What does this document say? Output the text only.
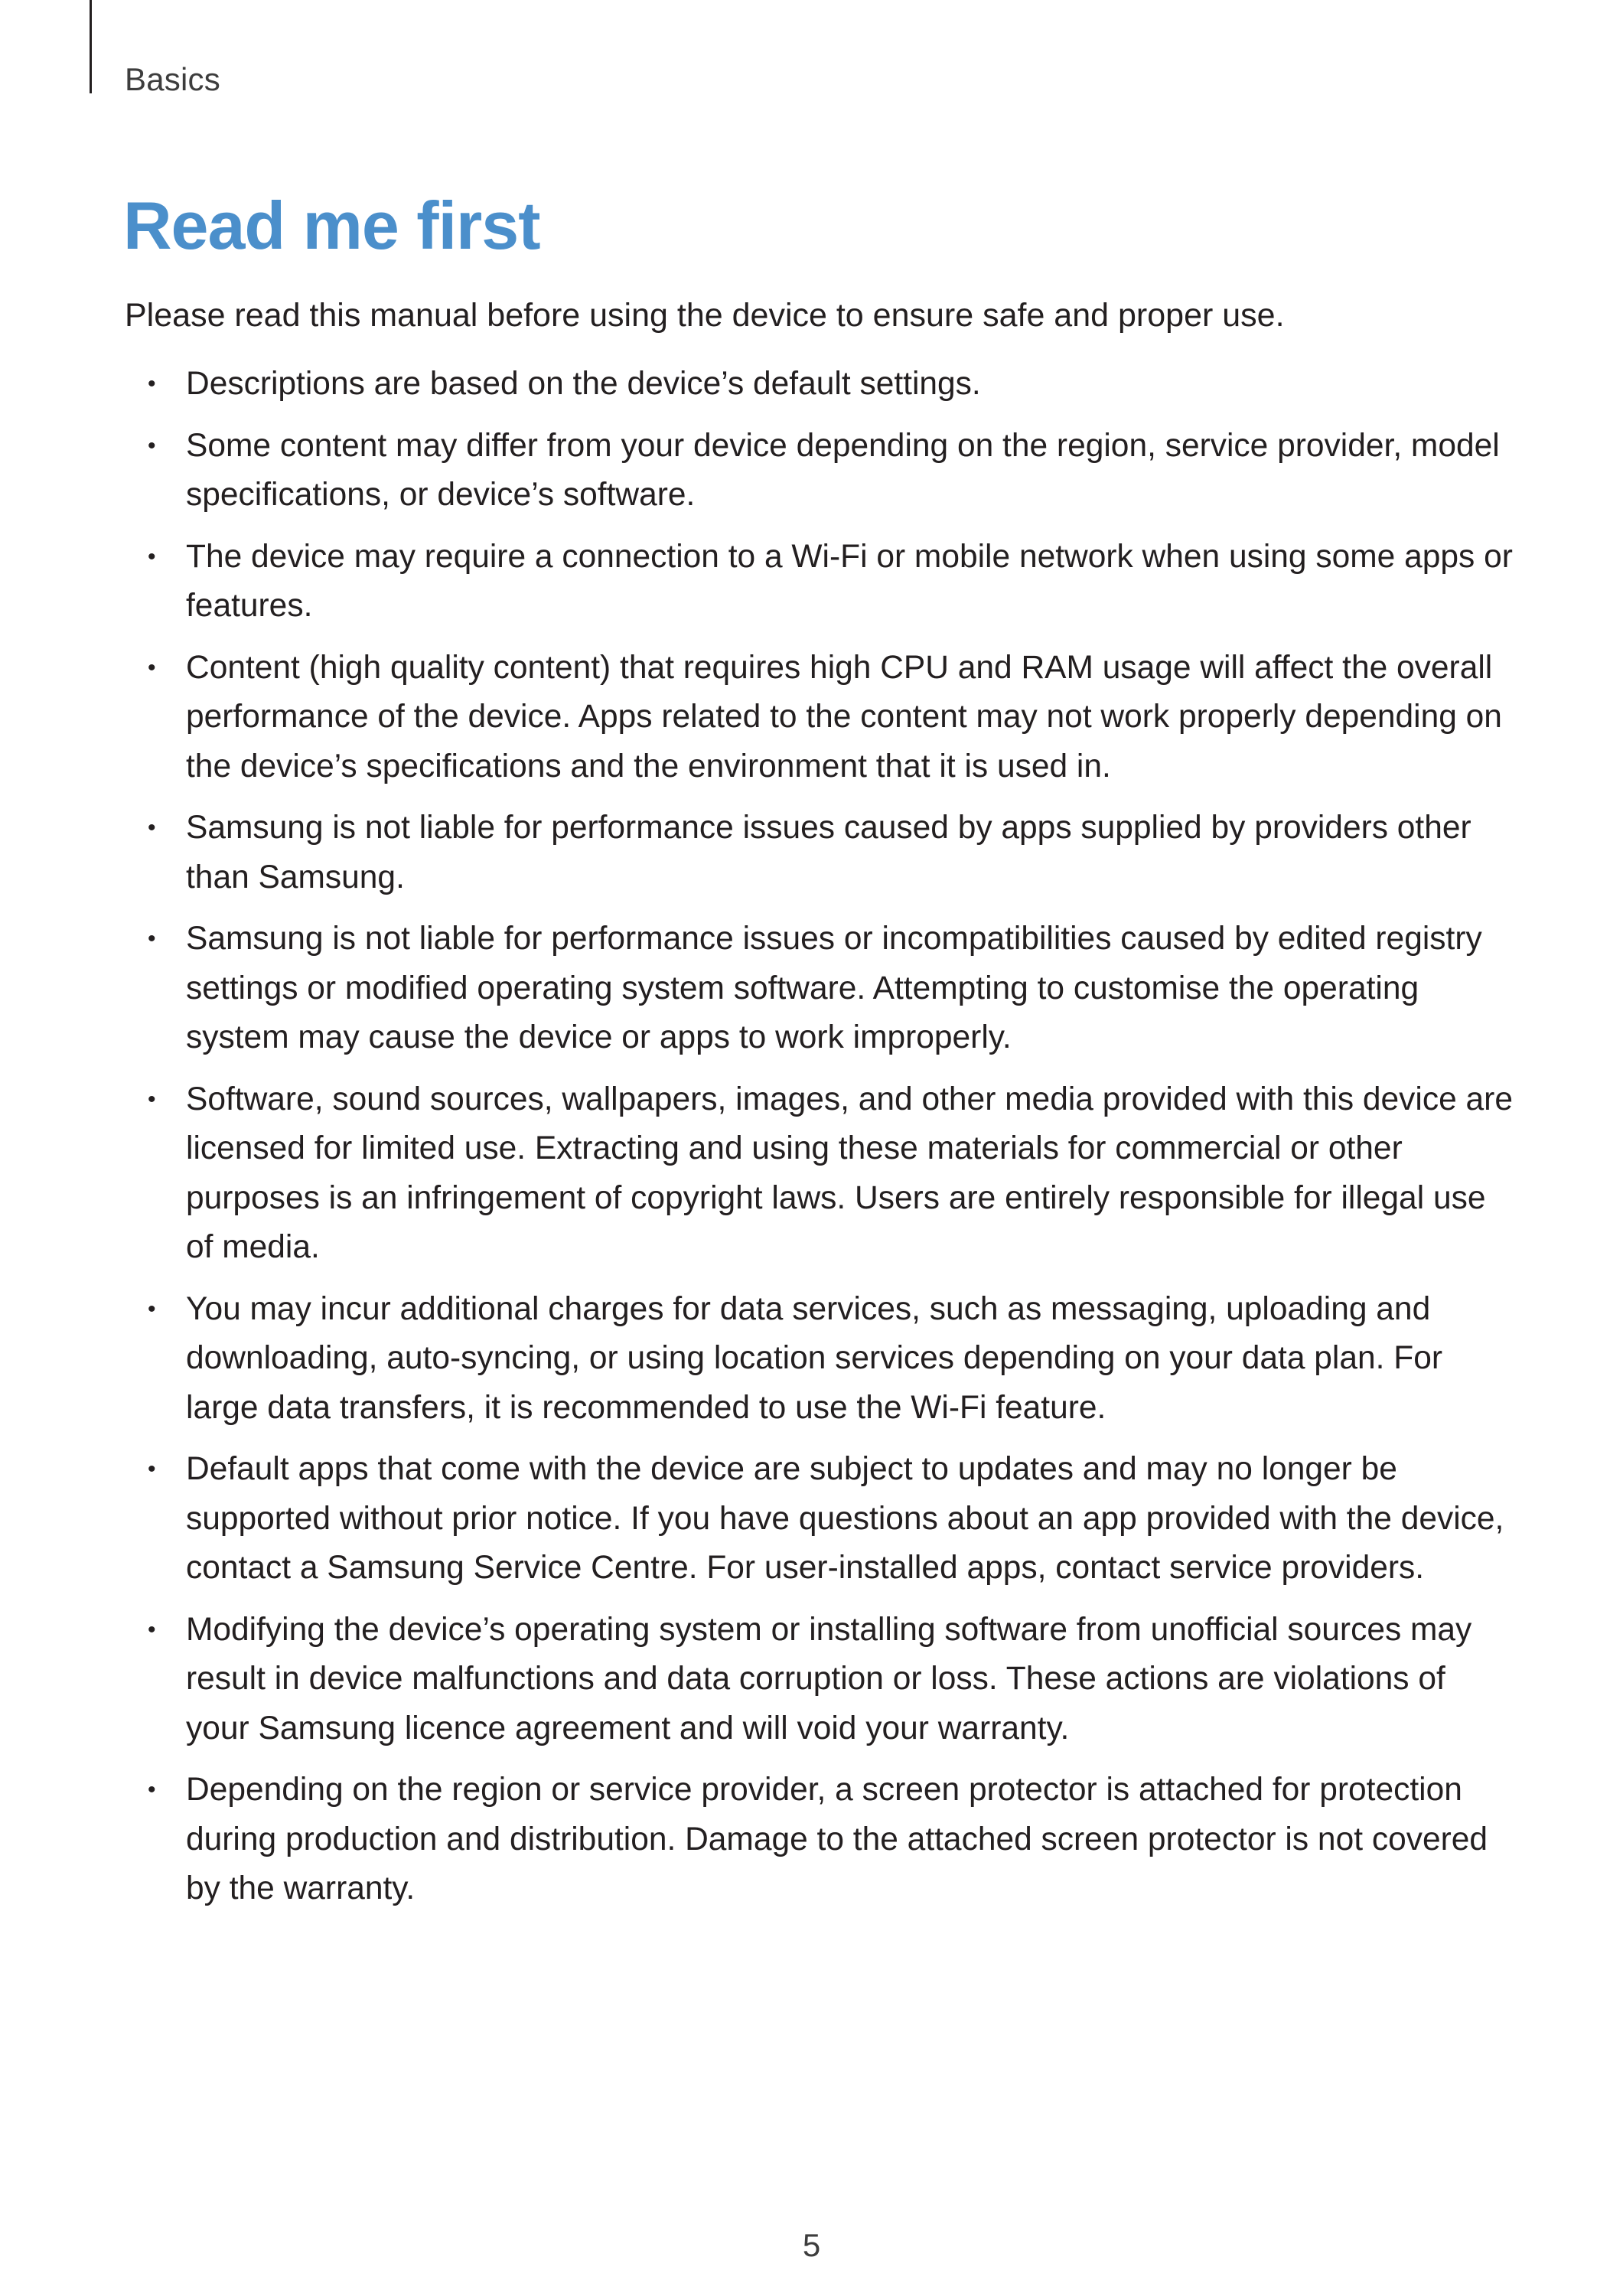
Basics
Read me first

Please read this manual before using the device to ensure safe and proper use.

• Descriptions are based on the device’s default settings.
• Some content may differ from your device depending on the region, service provider, model specifications, or device’s software.
• The device may require a connection to a Wi-Fi or mobile network when using some apps or features.
• Content (high quality content) that requires high CPU and RAM usage will affect the overall performance of the device. Apps related to the content may not work properly depending on the device’s specifications and the environment that it is used in.
• Samsung is not liable for performance issues caused by apps supplied by providers other than Samsung.
• Samsung is not liable for performance issues or incompatibilities caused by edited registry settings or modified operating system software. Attempting to customise the operating system may cause the device or apps to work improperly.
• Software, sound sources, wallpapers, images, and other media provided with this device are licensed for limited use. Extracting and using these materials for commercial or other purposes is an infringement of copyright laws. Users are entirely responsible for illegal use of media.
• You may incur additional charges for data services, such as messaging, uploading and downloading, auto-syncing, or using location services depending on your data plan. For large data transfers, it is recommended to use the Wi-Fi feature.
• Default apps that come with the device are subject to updates and may no longer be supported without prior notice. If you have questions about an app provided with the device, contact a Samsung Service Centre. For user-installed apps, contact service providers.
• Modifying the device’s operating system or installing software from unofficial sources may result in device malfunctions and data corruption or loss. These actions are violations of your Samsung licence agreement and will void your warranty.
• Depending on the region or service provider, a screen protector is attached for protection during production and distribution. Damage to the attached screen protector is not covered by the warranty.
5
